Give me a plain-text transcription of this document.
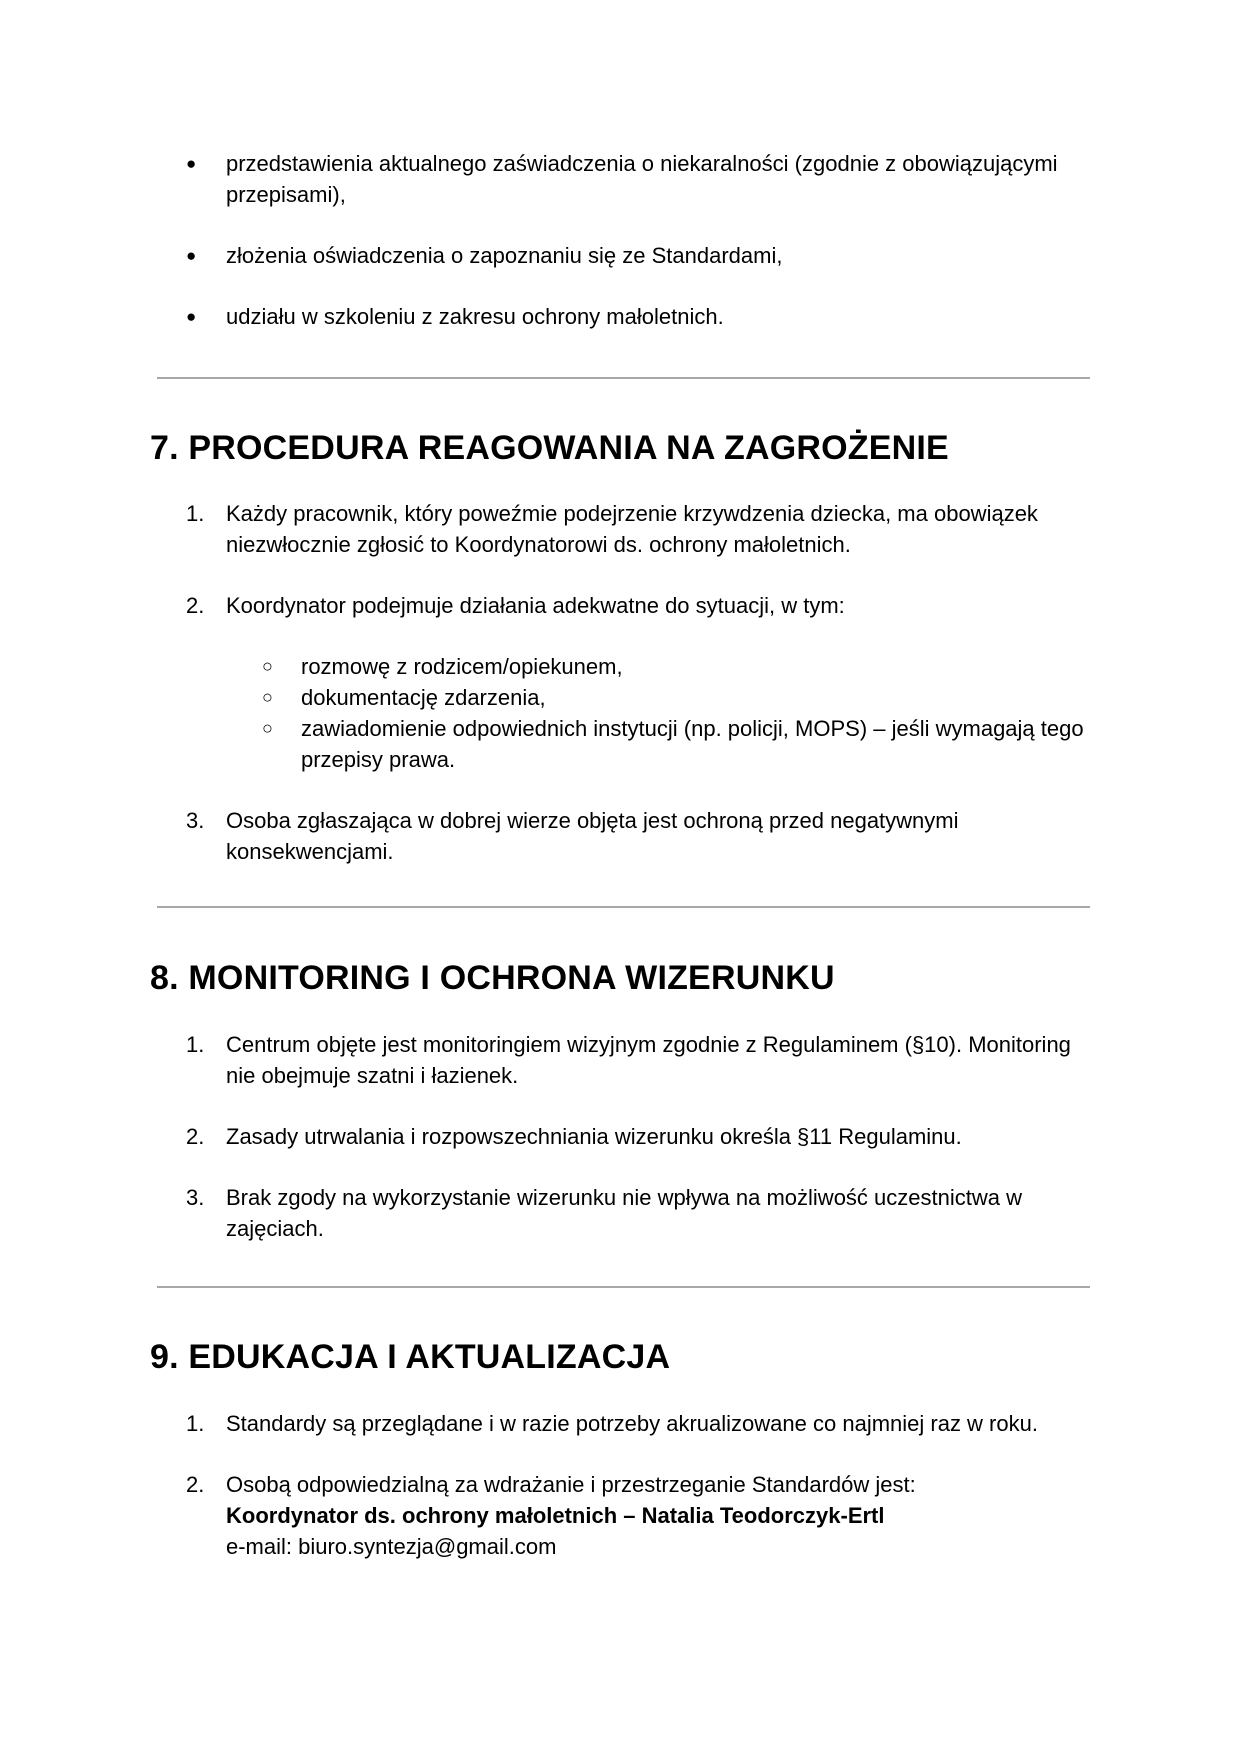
●	przedstawienia aktualnego zaświadczenia o niekaralności (zgodnie z obowiązującymi przepisami),
●	złożenia oświadczenia o zapoznaniu się ze Standardami,
●	udziału w szkoleniu z zakresu ochrony małoletnich.
7. PROCEDURA REAGOWANIA NA ZAGROŻENIE
1. Każdy pracownik, który poweźmie podejrzenie krzywdzenia dziecka, ma obowiązek niezwłocznie zgłosić to Koordynatorowi ds. ochrony małoletnich.
2. Koordynator podejmuje działania adekwatne do sytuacji, w tym:
○ rozmowę z rodzicem/opiekunem,
○ dokumentację zdarzenia,
○ zawiadomienie odpowiednich instytucji (np. policji, MOPS) – jeśli wymagają tego przepisy prawa.
3. Osoba zgłaszająca w dobrej wierze objęta jest ochroną przed negatywnymi konsekwencjami.
8. MONITORING I OCHRONA WIZERUNKU
1. Centrum objęte jest monitoringiem wizyjnym zgodnie z Regulaminem (§10). Monitoring nie obejmuje szatni i łazienek.
2. Zasady utrwalania i rozpowszechniania wizerunku określa §11 Regulaminu.
3. Brak zgody na wykorzystanie wizerunku nie wpływa na możliwość uczestnictwa w zajęciach.
9. EDUKACJA I AKTUALIZACJA
1. Standardy są przeglądane i w razie potrzeby akrualizowane co najmniej raz w roku.
2. Osobą odpowiedzialną za wdrażanie i przestrzeganie Standardów jest:
Koordynator ds. ochrony małoletnich – Natalia Teodorczyk-Ertl
e-mail: biuro.syntezja@gmail.com
